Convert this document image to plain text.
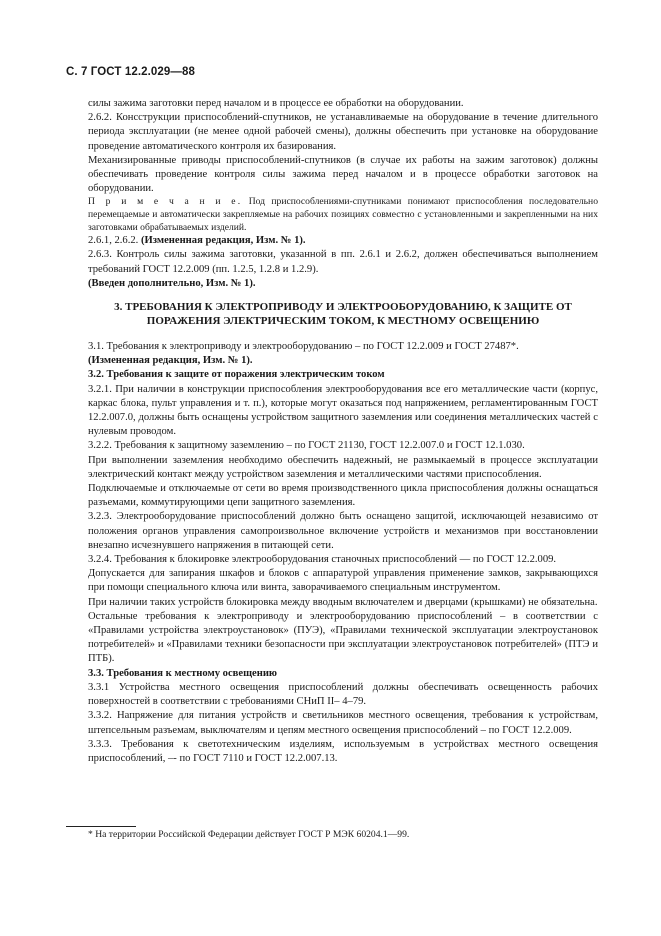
С. 7 ГОСТ 12.2.029—88

силы зажима заготовки перед началом и в процессе ее обработки на оборудовании.

2.6.2. Консструкции приспособлений-спутников, не устанавливаемые на оборудование в течение длительного периода эксплуатации (не менее одной рабочей смены), должны обеспечить при установке на оборудование проведение автоматического контроля их базирования.

Механизированные приводы приспособлений-спутников (в случае их работы на зажим заготовок) должны обеспечивать проведение контроля силы зажима перед началом и в процессе обработки заготовок на оборудовании.

П р и м е ч а н и е. Под приспособлениями-спутниками понимают приспособления последовательно перемещаемые и автоматически закрепляемые на рабочих позициях совместно с установленными и закрепленными на них заготовками обрабатываемых изделий.

2.6.1, 2.6.2. (Измененная редакция, Изм. № 1).

2.6.3. Контроль силы зажима заготовки, указанной в пп. 2.6.1 и 2.6.2, должен обеспечиваться выполнением требований ГОСТ 12.2.009 (пп. 1.2.5, 1.2.8 и 1.2.9).

(Введен дополнительно, Изм. № 1).

3. ТРЕБОВАНИЯ К ЭЛЕКТРОПРИВОДУ И ЭЛЕКТРООБОРУДОВАНИЮ, К ЗАЩИТЕ ОТ ПОРАЖЕНИЯ ЭЛЕКТРИЧЕСКИМ ТОКОМ, К МЕСТНОМУ ОСВЕЩЕНИЮ

3.1. Требования к электроприводу и электрооборудованию – по ГОСТ 12.2.009 и ГОСТ 27487*.

(Измененная редакция, Изм. № 1).

3.2. Требования к защите от поражения электрическим током

3.2.1. При наличии в конструкции приспособления электрооборудования все его металлические части (корпус, каркас блока, пульт управления и т. п.), которые могут оказаться под напряжением, регламентированным ГОСТ 12.2.007.0, должны быть оснащены устройством защитного заземления или соединения металлических частей с нулевым проводом.

3.2.2. Требования к защитному заземлению – по ГОСТ 21130, ГОСТ 12.2.007.0 и ГОСТ 12.1.030.

При выполнении заземления необходимо обеспечить надежный, не размыкаемый в процессе эксплуатации электрический контакт между устройством заземления и металлическими частями приспособления.

Подключаемые и отключаемые от сети во время производственного цикла приспособления должны оснащаться разъемами, коммутирующими цепи защитного заземления.

3.2.3. Электрооборудование приспособлений должно быть оснащено защитой, исключающей независимо от положения органов управления самопроизвольное включение устройств и механизмов при восстановлении внезапно исчезнувшего напряжения в питающей сети.

3.2.4. Требования к блокировке электрооборудования станочных приспособлений — по ГОСТ 12.2.009.

Допускается для запирания шкафов и блоков с аппаратурой управления применение замков, закрывающихся при помощи специального ключа или винта, заворачиваемого специальным инструментом.

При наличии таких устройств блокировка между вводным включателем и дверцами (крышками) не обязательна.

Остальные требования к электроприводу и электрооборудованию приспособлений – в соответствии с «Правилами устройства электроустановок» (ПУЭ), «Правилами технической эксплуатации электроустановок потребителей» и «Правилами техники безопасности при эксплуатации электроустановок потребителей» (ПТЭ и ПТБ).

3.3. Требования к местному освещению

3.3.1 Устройства местного освещения приспособлений должны обеспечивать освещенность рабочих поверхностей в соответствии с требованиями СНиП II– 4–79.

3.3.2. Напряжение для питания устройств и светильников местного освещения, требования к устройствам, штепсельным разъемам, выключателям и цепям местного освещения приспособлений – по ГОСТ 12.2.009.

3.3.3. Требования к светотехническим изделиям, используемым в устройствах местного освещения приспособлений, –- по ГОСТ 7110 и ГОСТ 12.2.007.13.

* На территории Российской Федерации действует ГОСТ Р МЭК 60204.1—99.
